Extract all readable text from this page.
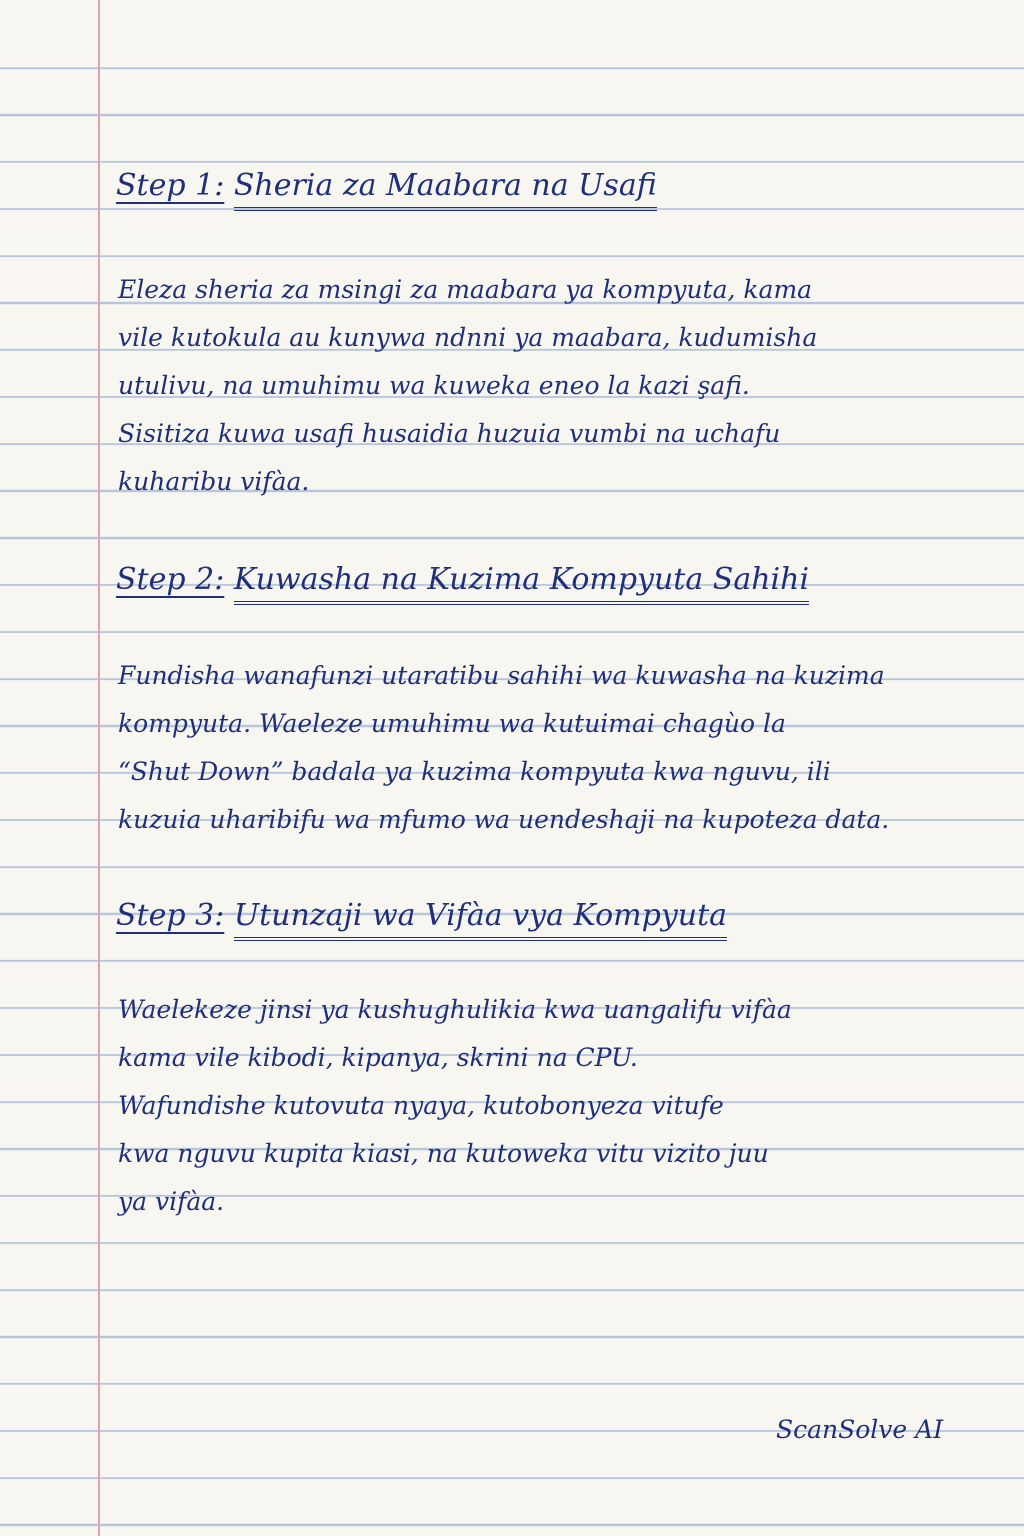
Step 1: Sheria za Maabara na Usafi

Eleza sheria za msingi za maabara ya kompyuta, kama
vile kutokula au kunywa ndnni ya maabara, kudumisha
utulivu, na umuhimu wa kuweka eneo la kazi şafi.
Sisitiza kuwa usafi husaidia huzuia vumbi na uchafu
kuharibu vifàa.

Step 2: Kuwasha na Kuzima Kompyuta Sahihi

Fundisha wanafunzi utaratibu sahihi wa kuwasha na kuzima
kompyuta. Waeleze umuhimu wa kutuimai chagùo la
“Shut Down” badala ya kuzima kompyuta kwa nguvu, ili
kuzuia uharibifu wa mfumo wa uendeshaji na kupoteza data.

Step 3: Utunzaji wa Vifàa vya Kompyuta

Waelekeze jinsi ya kushughulikia kwa uangalifu vifàa
kama vile kibodi, kipanya, skrini na CPU.
Wafundishe kutovuta nyaya, kutobonyeza vitufe
kwa nguvu kupita kiasi, na kutoweka vitu vizito juu
ya vifàa.

ScanSolve AI
